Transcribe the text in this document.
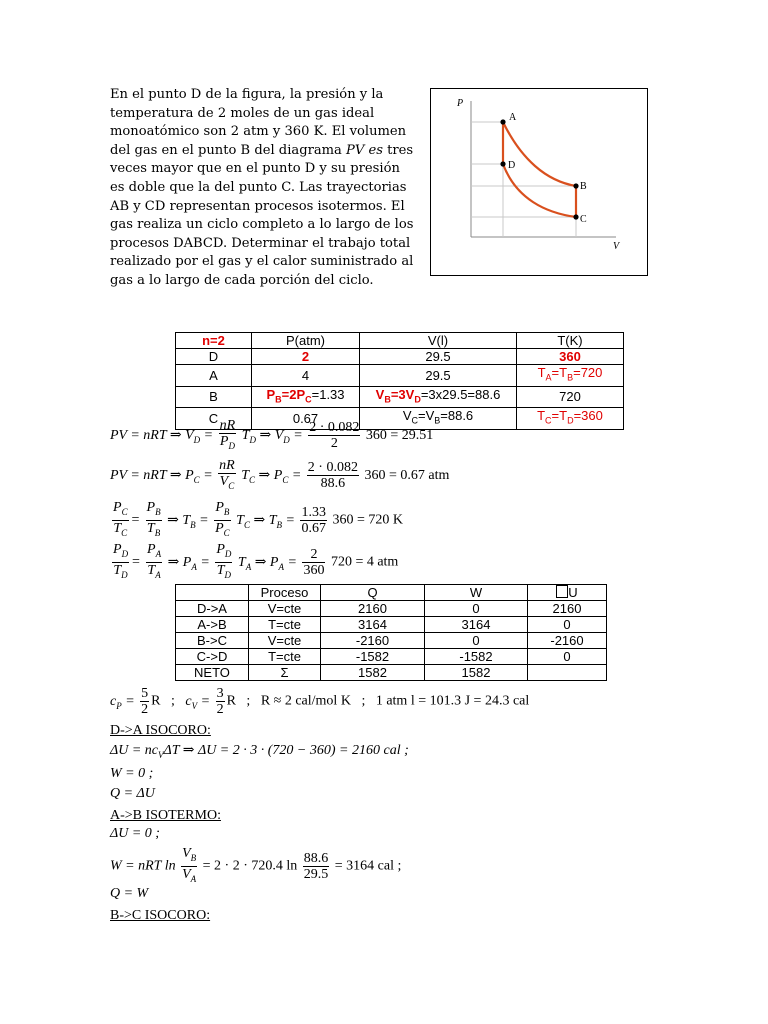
En el punto D de la figura, la presión y la temperatura de 2 moles de un gas ideal monoatómico son 2 atm y 360 K. El volumen del gas en el punto B del diagrama PV es tres veces mayor que en el punto D y su presión es doble que la del punto C. Las trayectorias AB y CD representan procesos isotermos. El gas realiza un ciclo completo a lo largo de los procesos DABCD. Determinar el trabajo total realizado por el gas y el calor suministrado al gas a lo largo de cada porción del ciclo.

P
V
A
D
B
C
n=2	P(atm)	V(l)	T(K)
D	2	29.5	360
A	4	29.5	$T_A=T_B=720$
B	$P_B=2P_C=1.33$	$V_B=3V_D=3x29.5=88.6$	720
C	0.67	$V_C=V_B=88.6$	$T_C=T_D=360$
PV = nRT ⇒ $V_D = \frac{nR}{P_D} T_D$ ⇒ $V_D = \frac{2 \cdot 0.082}{2} 360 = 29.51$
PV = nRT ⇒ $P_C = \frac{nR}{V_C} T_C$ ⇒ $P_C = \frac{2 \cdot 0.082}{88.6} 360 = 0.67$ atm
$\frac{P_C}{T_C} = \frac{P_B}{T_B}$ ⇒ $T_B = \frac{P_B}{P_C} T_C$ ⇒ $T_B = \frac{1.33}{0.67} 360 = 720$ K
$\frac{P_D}{T_D} = \frac{P_A}{T_A}$ ⇒ $P_A = \frac{P_D}{T_D} T_A$ ⇒ $P_A = \frac{2}{360} 720 = 4$ atm
	Proceso	Q	W	U
D->A	V=cte	2160	0	2160
A->B	T=cte	3164	3164	0
B->C	V=cte	-2160	0	-2160
C->D	T=cte	-1582	-1582	0
NETO	Σ	1582	1582	
$c_P = \frac{5}{2}$ R   ;   $c_V = \frac{3}{2}$ R   ;   R ≈ 2 cal/mol K   ;   1 atm l = 101.3 J = 24.3 cal
D->A ISOCORO:
$\Delta U = nc_V\Delta T$ ⇒ ΔU = 2 · 3 · (720 − 360) = 2160 cal ;
W = 0 ;
Q = ΔU
A->B ISOTERMO:
ΔU = 0 ;
W = nRT $\ln \frac{V_B}{V_A} = 2 \cdot 2 \cdot 720.4$ $\ln \frac{88.6}{29.5} = 3164$ cal ;
Q = W
B->C ISOCORO:
